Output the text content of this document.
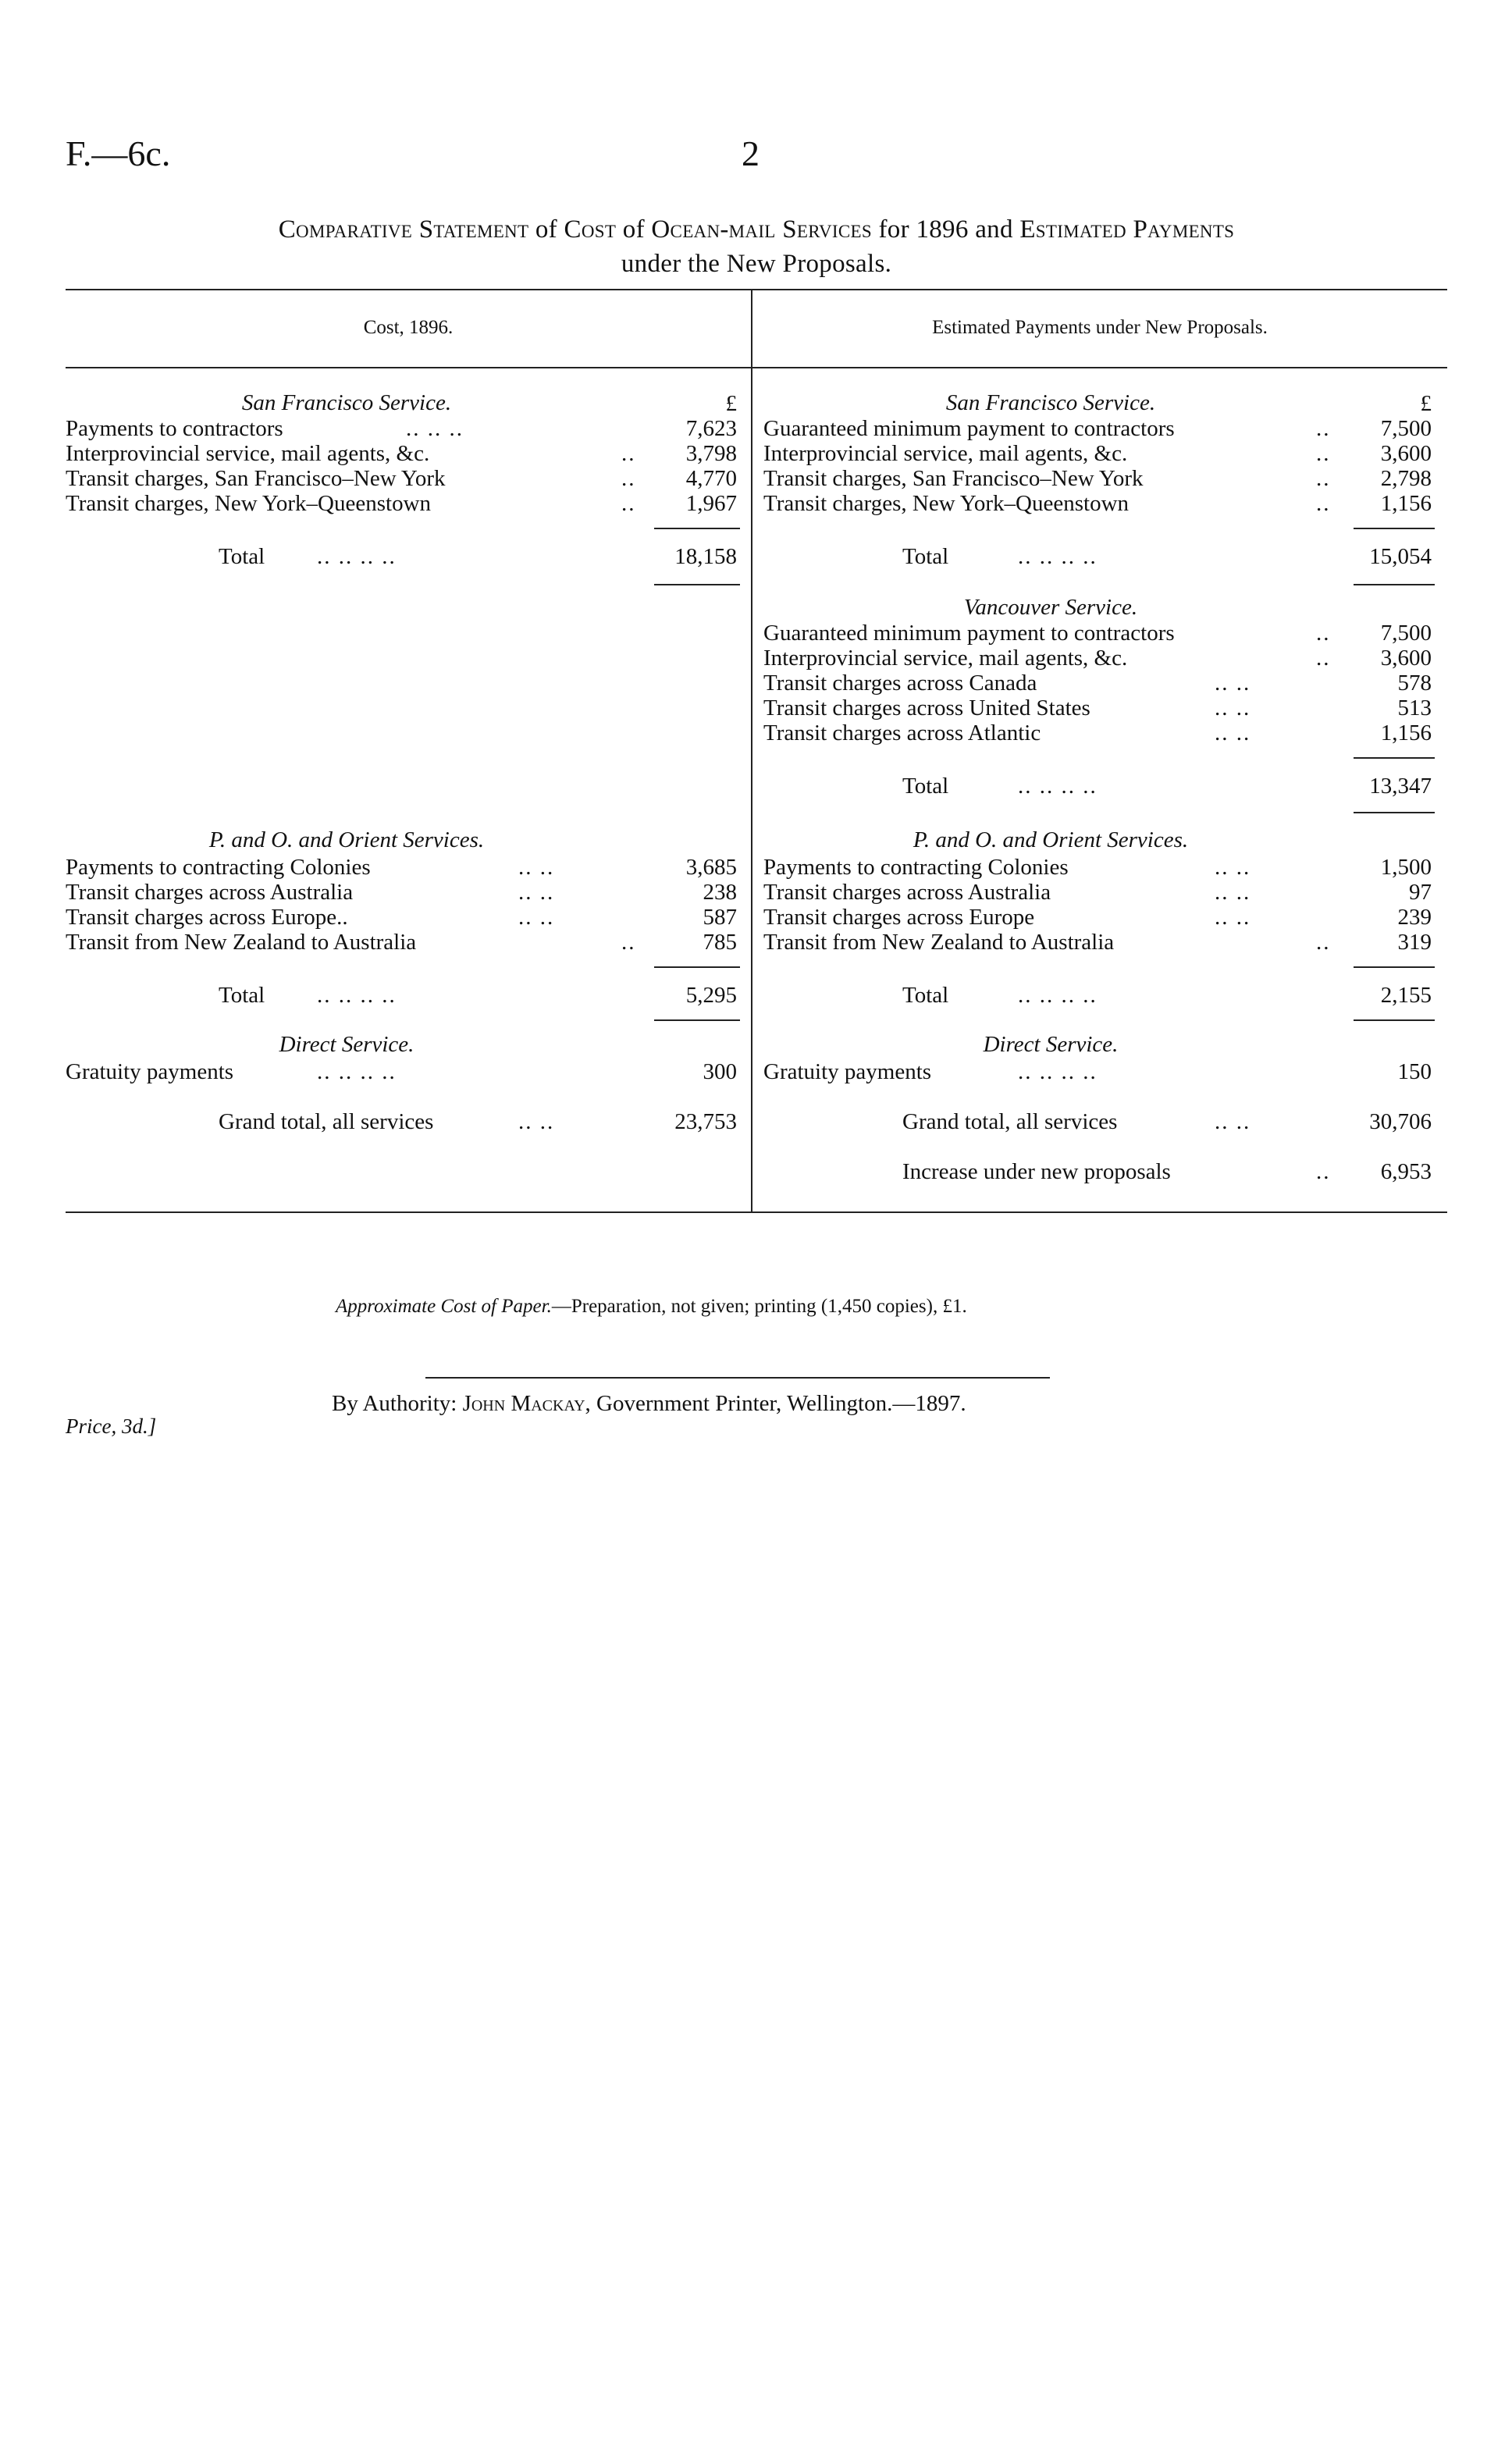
F.—6c.	2
Comparative Statement of Cost of Ocean-mail Services for 1896 and Estimated Payments
under the New Proposals.
Cost, 1896.	Estimated Payments under New Proposals.
San Francisco Service.	£
Payments to contractors	.. .. ..	7,623
Interprovincial service, mail agents, &c.	..	3,798
Transit charges, San Francisco–New York	..	4,770
Transit charges, New York–Queenstown	..	1,967
Total .. .. .. ..	18,158
P. and O. and Orient Services.
Payments to contracting Colonies	.. ..	3,685
Transit charges across Australia	.. ..	238
Transit charges across Europe..	.. ..	587
Transit from New Zealand to Australia	..	785
Total .. .. .. ..	5,295
Direct Service.
Gratuity payments	.. .. .. ..	300
Grand total, all services	.. ..	23,753
San Francisco Service.	£
Guaranteed minimum payment to contractors	..	7,500
Interprovincial service, mail agents, &c.	..	3,600
Transit charges, San Francisco–New York	..	2,798
Transit charges, New York–Queenstown	..	1,156
Total	.. .. .. ..	15,054
Vancouver Service.
Guaranteed minimum payment to contractors	..	7,500
Interprovincial service, mail agents, &c.	..	3,600
Transit charges across Canada	.. ..	578
Transit charges across United States	.. ..	513
Transit charges across Atlantic	.. ..	1,156
Total	.. .. .. ..	13,347
P. and O. and Orient Services.
Payments to contracting Colonies	.. ..	1,500
Transit charges across Australia	.. ..	97
Transit charges across Europe	.. ..	239
Transit from New Zealand to Australia	..	319
Total	.. .. .. ..	2,155
Direct Service.
Gratuity payments	.. .. .. ..	150
Grand total, all services	.. ..	30,706
Increase under new proposals	..	6,953
Approximate Cost of Paper.—Preparation, not given; printing (1,450 copies), £1.
By Authority: John Mackay, Government Printer, Wellington.—1897.
Price, 3d.]
